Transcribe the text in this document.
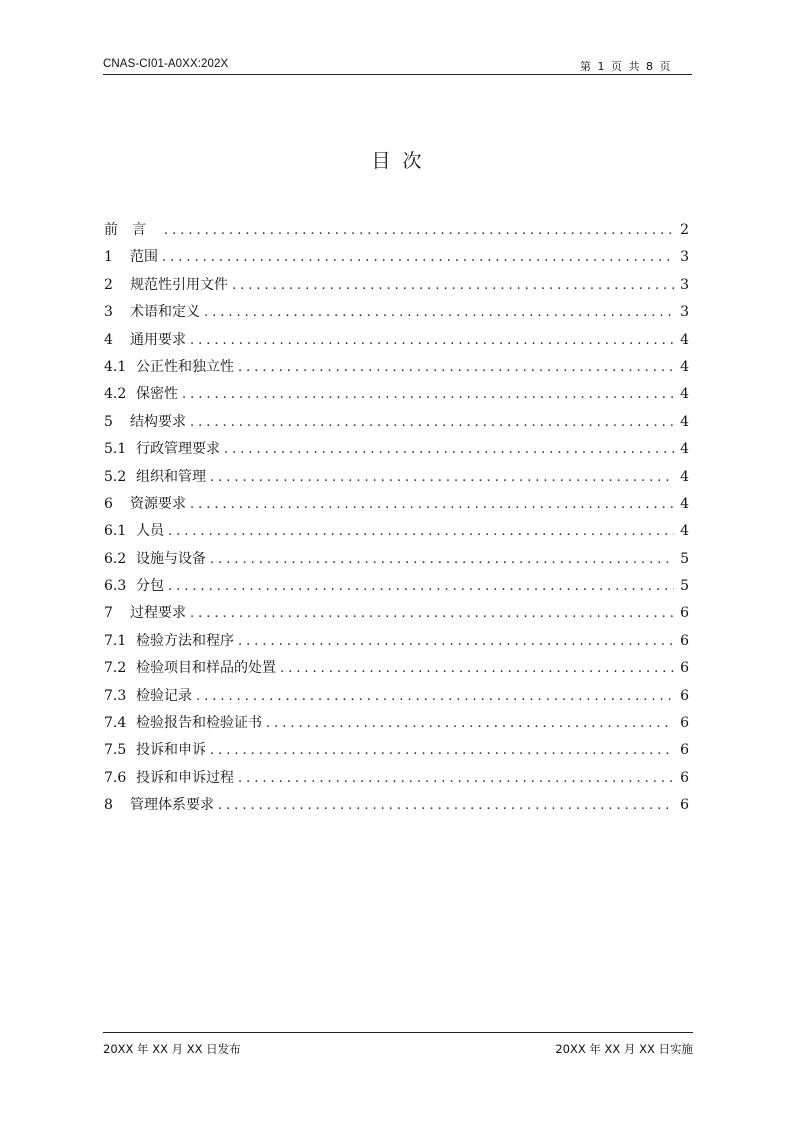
CNAS-CI01-A0XX:202X	第 1 页 共 8 页
目次
前言 .....	2
1	范围 .....	3
2	规范性引用文件 .....	3
3	术语和定义 .....	3
4	通用要求 .....	4
4.1 公正性和独立性 .....	4
4.2 保密性 .....	4
5	结构要求 .....	4
5.1 行政管理要求 .....	4
5.2 组织和管理 .....	4
6	资源要求 .....	4
6.1 人员 .....	4
6.2 设施与设备 .....	5
6.3 分包 .....	5
7	过程要求 .....	6
7.1 检验方法和程序 .....	6
7.2 检验项目和样品的处置 .....	6
7.3 检验记录 .....	6
7.4 检验报告和检验证书 .....	6
7.5 投诉和申诉 .....	6
7.6 投诉和申诉过程 .....	6
8	管理体系要求 .....	6
20XX 年 XX 月 XX 日发布	20XX 年 XX 月 XX 日实施
